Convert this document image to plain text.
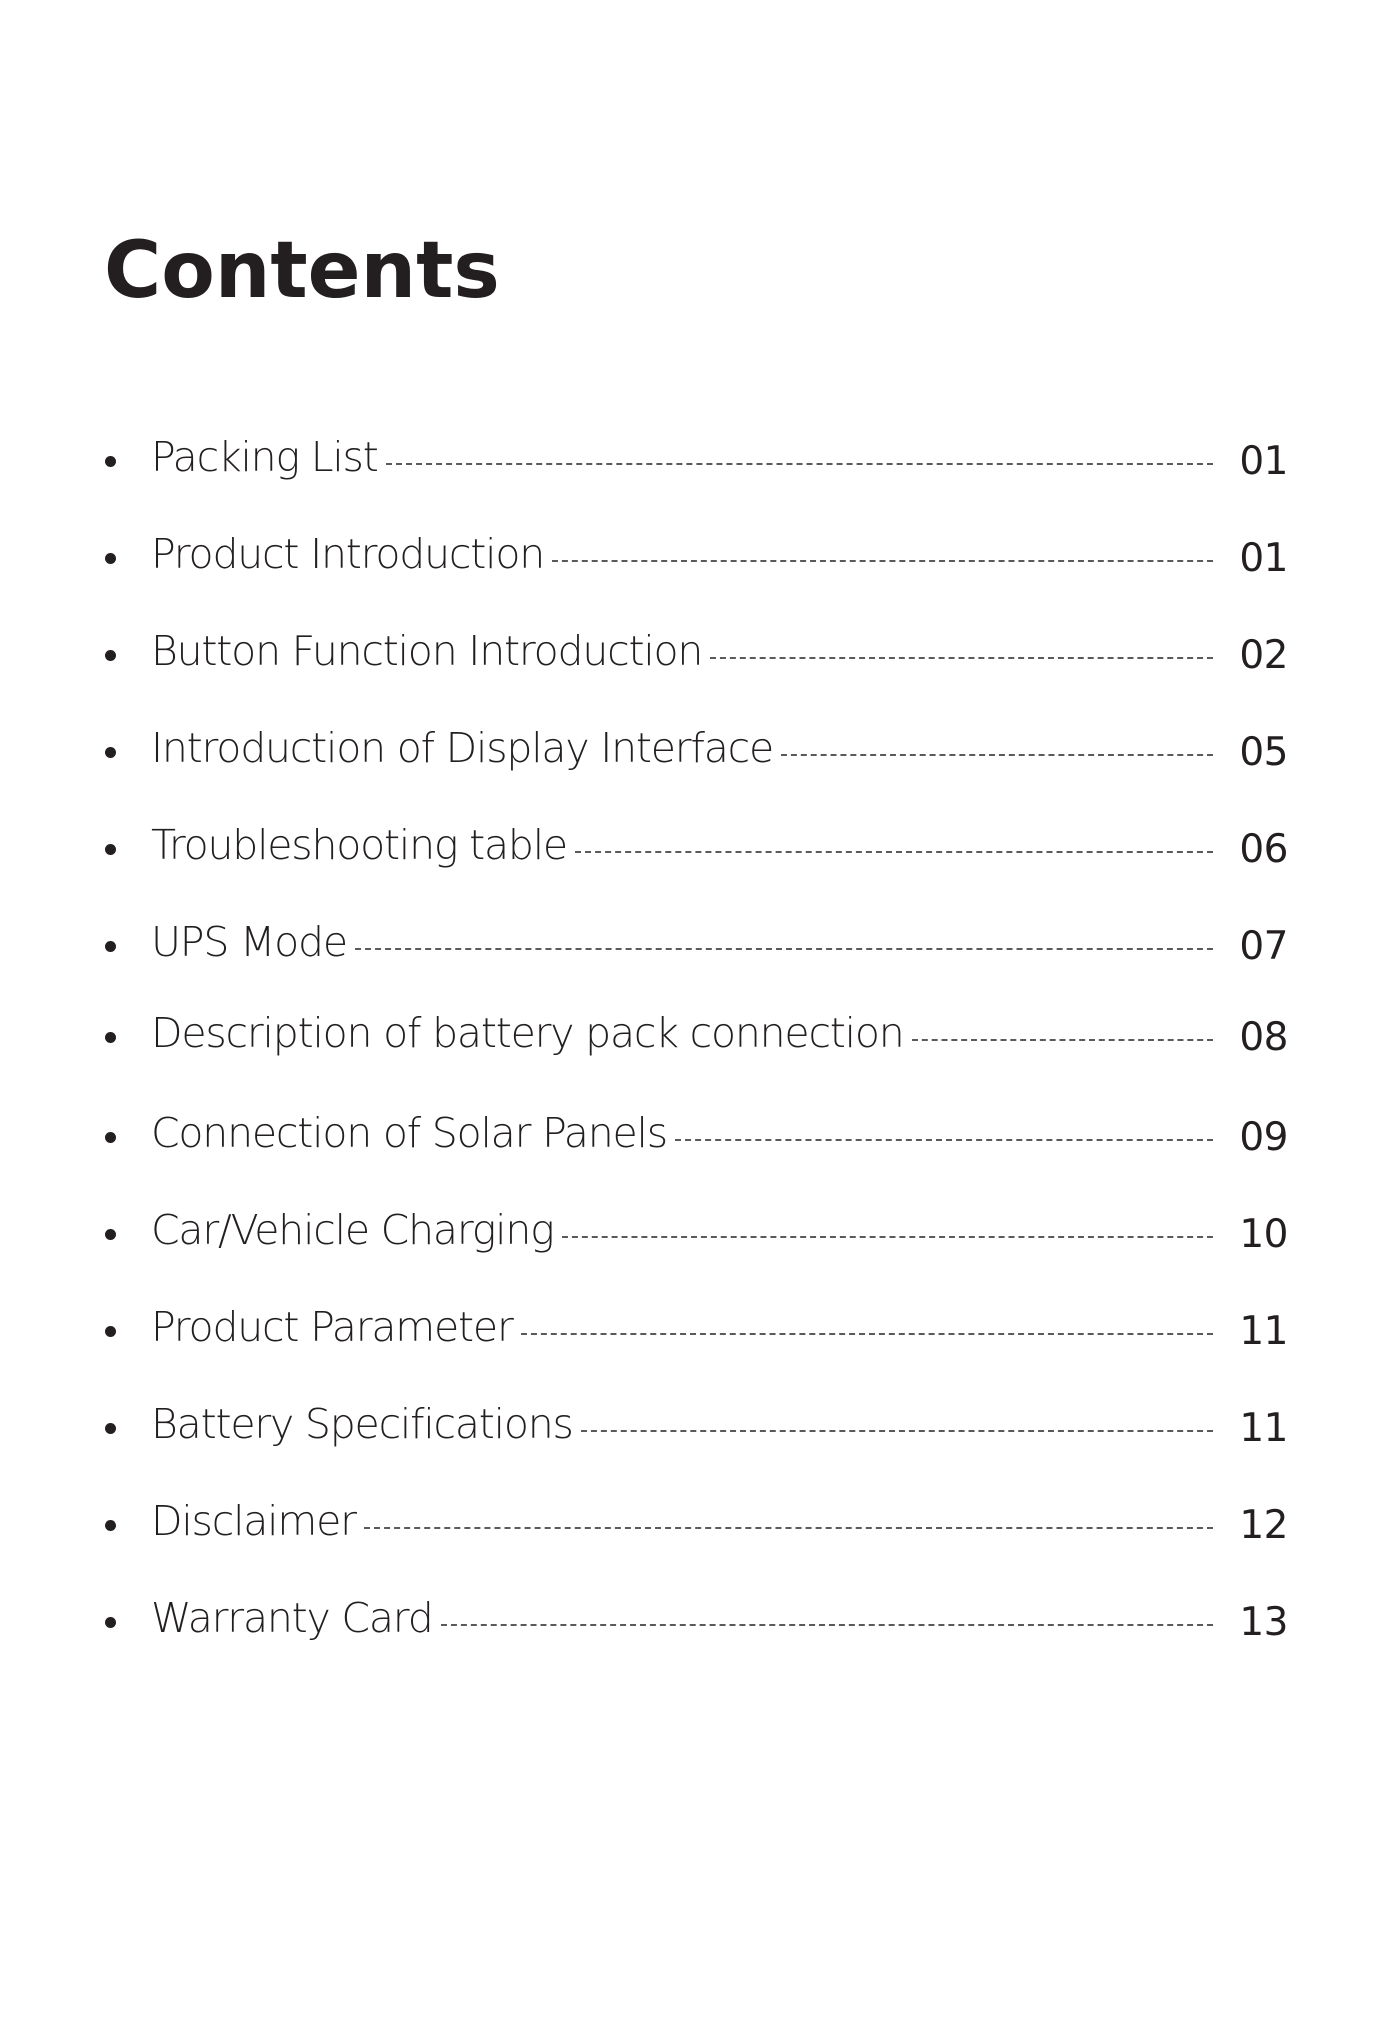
Contents
Packing List	01
Product Introduction	01
Button Function Introduction	02
Introduction of Display Interface	05
Troubleshooting table	06
UPS Mode	07
Description of battery pack connection	08
Connection of Solar Panels	09
Car/Vehicle Charging	10
Product Parameter	11
Battery Specifications	11
Disclaimer	12
Warranty Card	13
